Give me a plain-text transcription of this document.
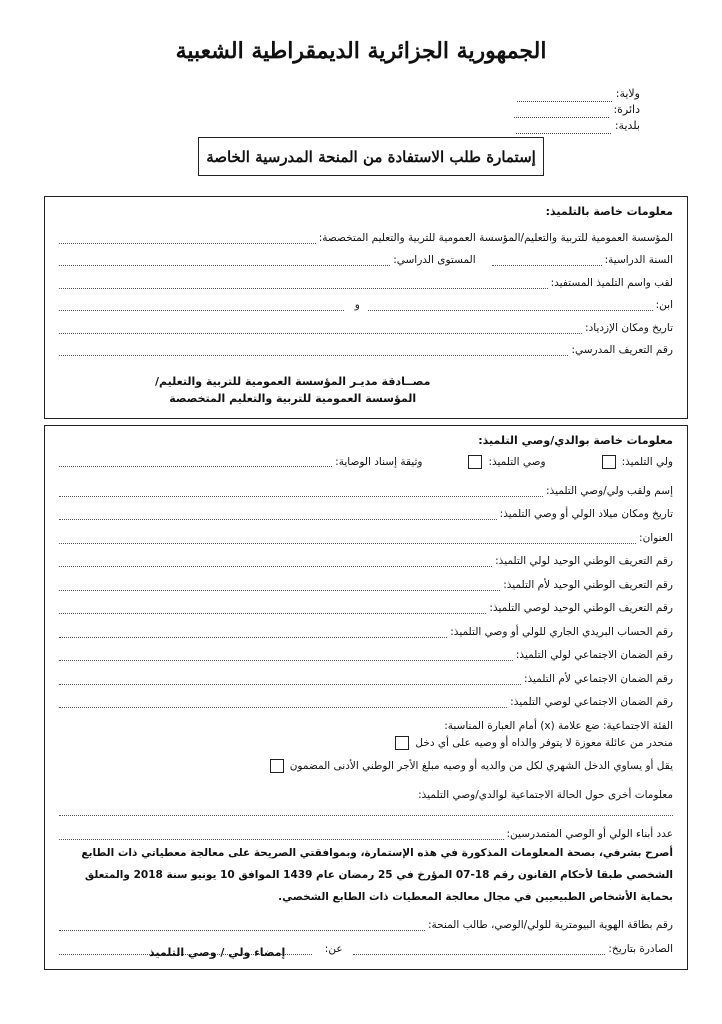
الجمهورية الجزائرية الديمقراطية الشعبية
ولاية:
دائرة:
بلدية:
إستمارة طلب الاستفادة من المنحة المدرسية الخاصة
معلومات خاصة بالتلميذ:
المؤسسة العمومية للتربية والتعليم/المؤسسة العمومية للتربية والتعليم المتخصصة:
السنة الدراسية:
المستوى الدراسي:
لقب واسم التلميذ المستفيد:
ابن:
و
تاريخ ومكان الإزدياد:
رقم التعريف المدرسي:
مصــادقة مديـر المؤسسة العمومية للتربية والتعليم/
المؤسسة العمومية للتربية والتعليم المتخصصة
معلومات خاصة بوالدي/وصي التلميذ:
ولي التلميذ:
وصي التلميذ:
وثيقة إسناد الوصاية:
إسم ولقب ولي/وصي التلميذ:
تاريخ ومكان ميلاد الولي أو وصي التلميذ:
العنوان:
رقم التعريف الوطني الوحيد لولي التلميذ:
رقم التعريف الوطني الوحيد لأم التلميذ:
رقم التعريف الوطني الوحيد لوصي التلميذ:
رقم الحساب البريدي الجاري للولي أو وصي التلميذ:
رقم الضمان الاجتماعي لولي التلميذ:
رقم الضمان الاجتماعي لأم التلميذ:
رقم الضمان الاجتماعي لوصي التلميذ:
الفئة الاجتماعية: ضع علامة (x) أمام العبارة المناسبة:
منحدر من عائلة معوزة لا يتوفر والداه أو وصيه على أي دخل
يقل أو يساوي الدخل الشهري لكل من والديه أو وصيه مبلغ الأجر الوطني الأدنى المضمون
معلومات أخرى حول الحالة الاجتماعية لوالدي/وصي التلميذ:
عدد أبناء الولي أو الوصي المتمدرسين:
أصرح بشرفي، بصحة المعلومات المذكورة في هذه الإستمارة، وبموافقتي الصريحة على معالجة معطياتي ذات الطابع الشخصي طبقا لأحكام القانون رقم 18-07 المؤرخ في 25 رمضان عام 1439 الموافق 10 يونيو سنة 2018 والمتعلق بحماية الأشخاص الطبيعيين في مجال معالجة المعطيات ذات الطابع الشخصي.
رقم بطاقة الهوية البيومترية للولي/الوصي، طالب المنحة:
الصادرة بتاريخ:
عن:
إمضاء ولي / وصي التلميذ
